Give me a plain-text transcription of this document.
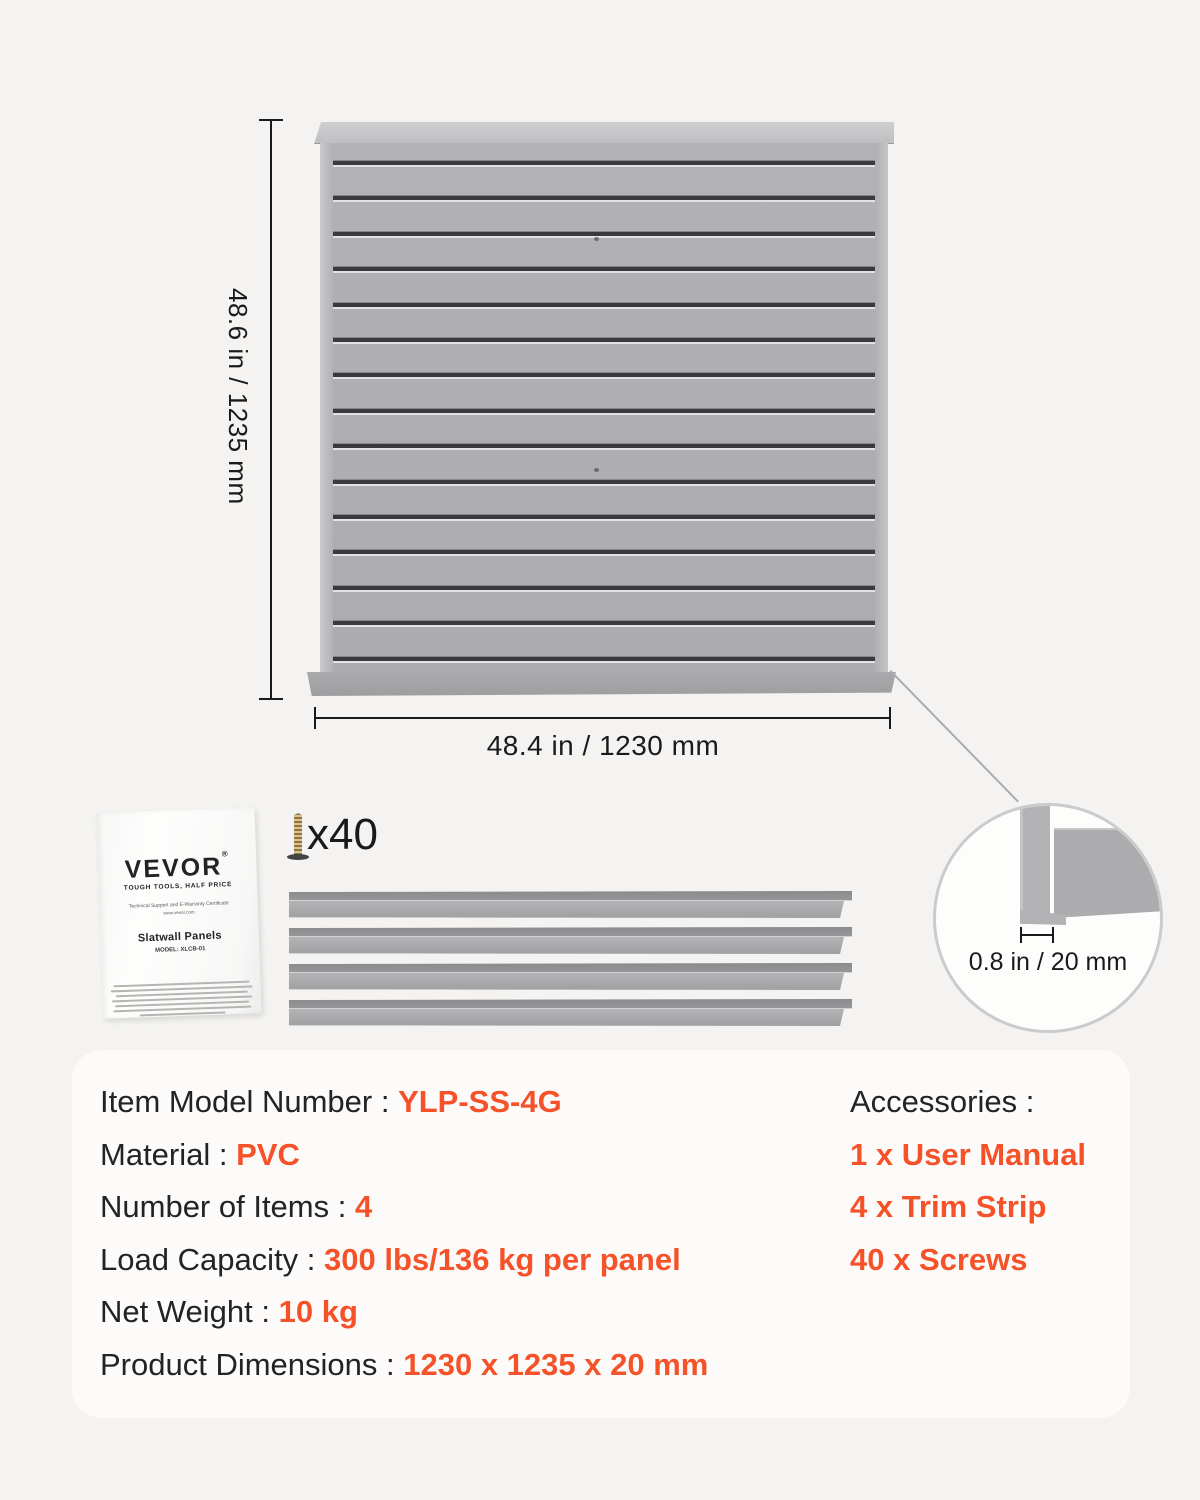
48.6 in / 1235 mm
48.4 in / 1230 mm
0.8 in / 20 mm
VEVOR®
TOUGH TOOLS, HALF PRICE
Technical Support and E-Warranty Certificate
www.vevor.com
Slatwall Panels
MODEL: XLCB-01
x40
Item Model Number : YLP-SS-4G
Material : PVC
Number of Items : 4
Load Capacity : 300 lbs/136 kg per panel
Net Weight : 10 kg
Product Dimensions : 1230 x 1235 x 20 mm
Accessories :
1 x User Manual
4 x Trim Strip
40 x Screws
